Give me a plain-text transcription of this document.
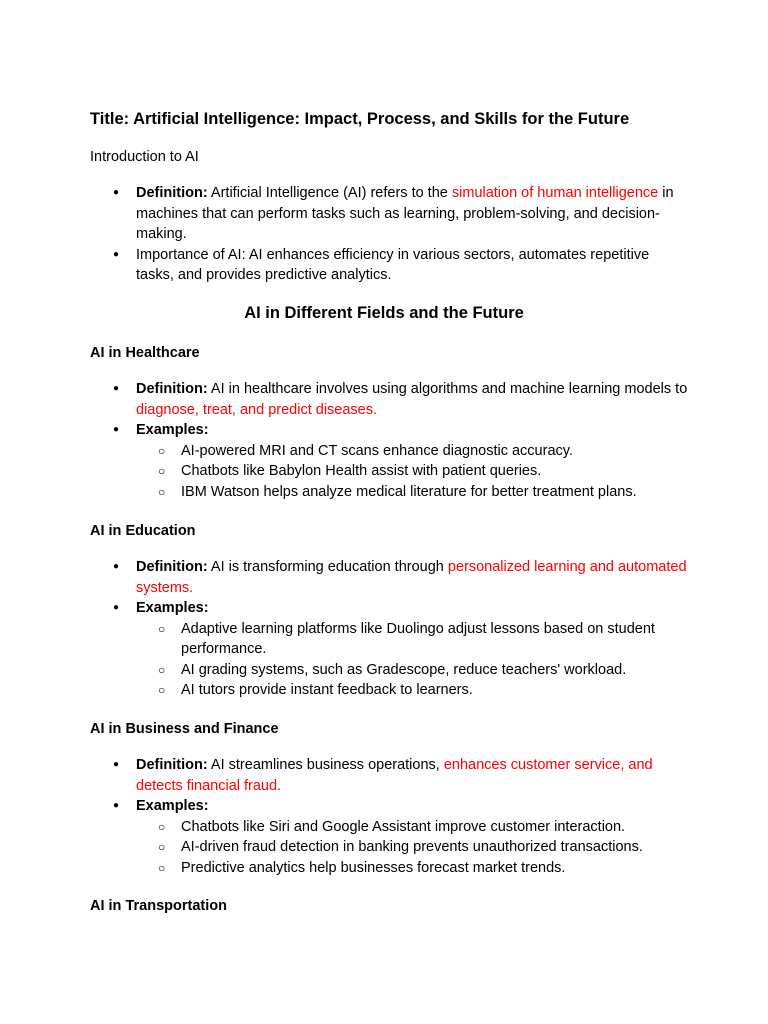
Title: Artificial Intelligence: Impact, Process, and Skills for the Future
Introduction to AI
● Definition: Artificial Intelligence (AI) refers to the simulation of human intelligence in machines that can perform tasks such as learning, problem-solving, and decision-making.
● Importance of AI: AI enhances efficiency in various sectors, automates repetitive tasks, and provides predictive analytics.
AI in Different Fields and the Future
AI in Healthcare
● Definition: AI in healthcare involves using algorithms and machine learning models to diagnose, treat, and predict diseases.
● Examples:
○ AI-powered MRI and CT scans enhance diagnostic accuracy.
○ Chatbots like Babylon Health assist with patient queries.
○ IBM Watson helps analyze medical literature for better treatment plans.
AI in Education
● Definition: AI is transforming education through personalized learning and automated systems.
● Examples:
○ Adaptive learning platforms like Duolingo adjust lessons based on student performance.
○ AI grading systems, such as Gradescope, reduce teachers' workload.
○ AI tutors provide instant feedback to learners.
AI in Business and Finance
● Definition: AI streamlines business operations, enhances customer service, and detects financial fraud.
● Examples:
○ Chatbots like Siri and Google Assistant improve customer interaction.
○ AI-driven fraud detection in banking prevents unauthorized transactions.
○ Predictive analytics help businesses forecast market trends.
AI in Transportation
